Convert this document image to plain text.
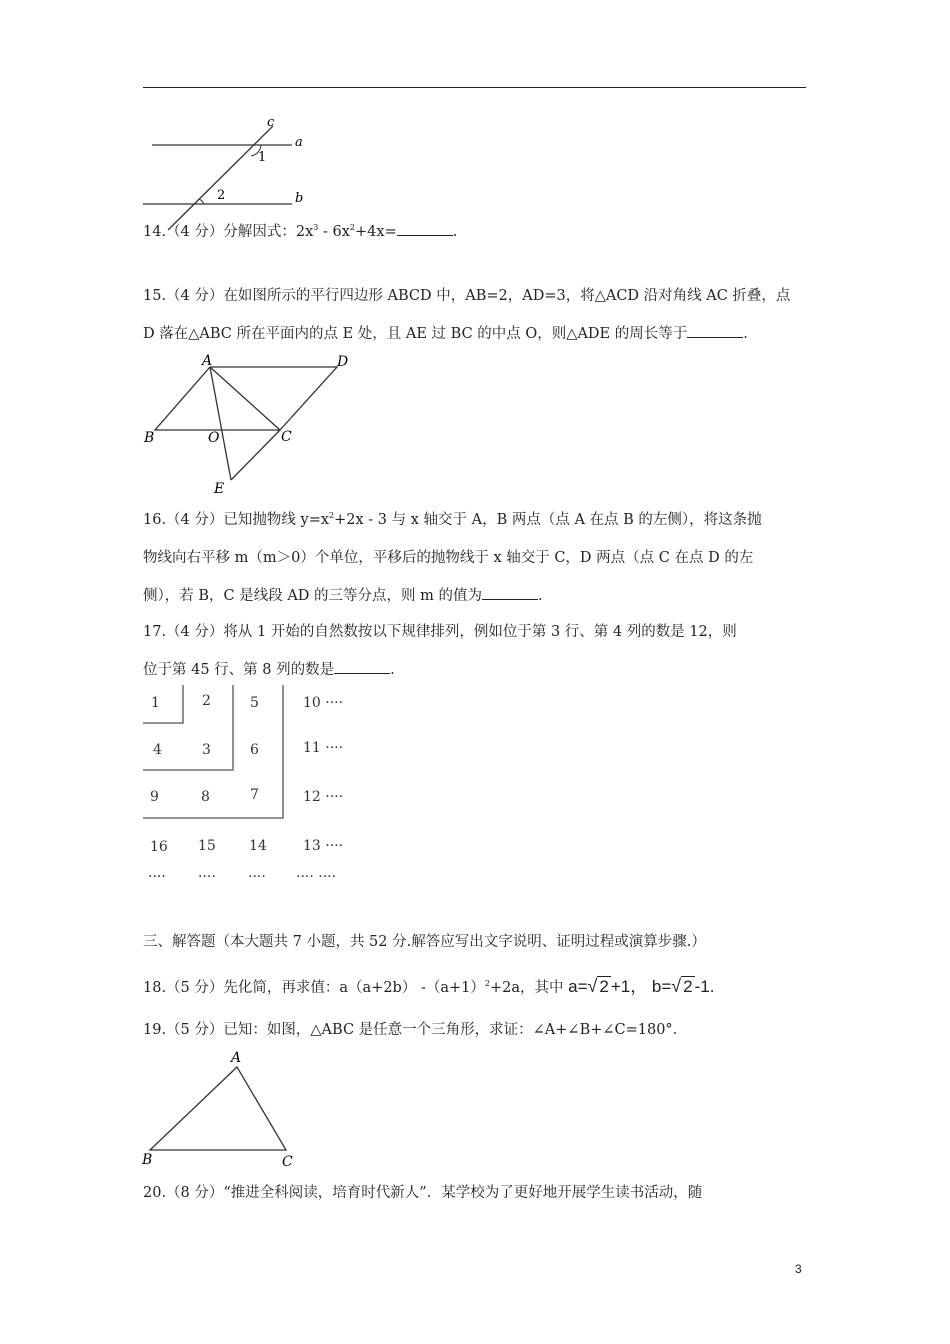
c
a
b
1
2
14.（4 分）分解因式：$2x^3 - 6x^2+4x=$	.
15.（4 分）在如图所示的平行四边形 ABCD 中，AB=2，AD=3，将△ACD 沿对角线 AC 折叠，点
D 落在△ABC 所在平面内的点 E 处，且 AE 过 BC 的中点 O，则△ADE 的周长等于	.
A	D
B	O	C
E
16.（4 分）已知抛物线 $y=x^2+2x - 3$ 与 x 轴交于 A，B 两点（点 A 在点 B 的左侧），将这条抛
物线向右平移 m（m＞0）个单位，平移后的抛物线于 x 轴交于 C，D 两点（点 C 在点 D 的左
侧），若 B，C 是线段 AD 的三等分点，则 m 的值为	.
17.（4 分）将从 1 开始的自然数按以下规律排列，例如位于第 3 行、第 4 列的数是 12，则
位于第 45 行、第 8 列的数是	.
1	2	5	10 ····
4	3	6	11 ····
9	8	7	12 ····
16 15 14	13 ····
···· ···· ···· ···· ····
三、解答题（本大题共 7 小题，共 52 分.解答应写出文字说明、证明过程或演算步骤.）
18.（5 分）先化简，再求值：a（a+2b） $-(a+1)^2+2a$，其中 a=√ 2 +1， b=√ 2 -1.
19.（5 分）已知：如图，△ABC 是任意一个三角形，求证：∠A+∠B+∠C=180°．
A
B	C
20.（8 分）“推进全科阅读，培育时代新人”．某学校为了更好地开展学生读书活动，随
3
